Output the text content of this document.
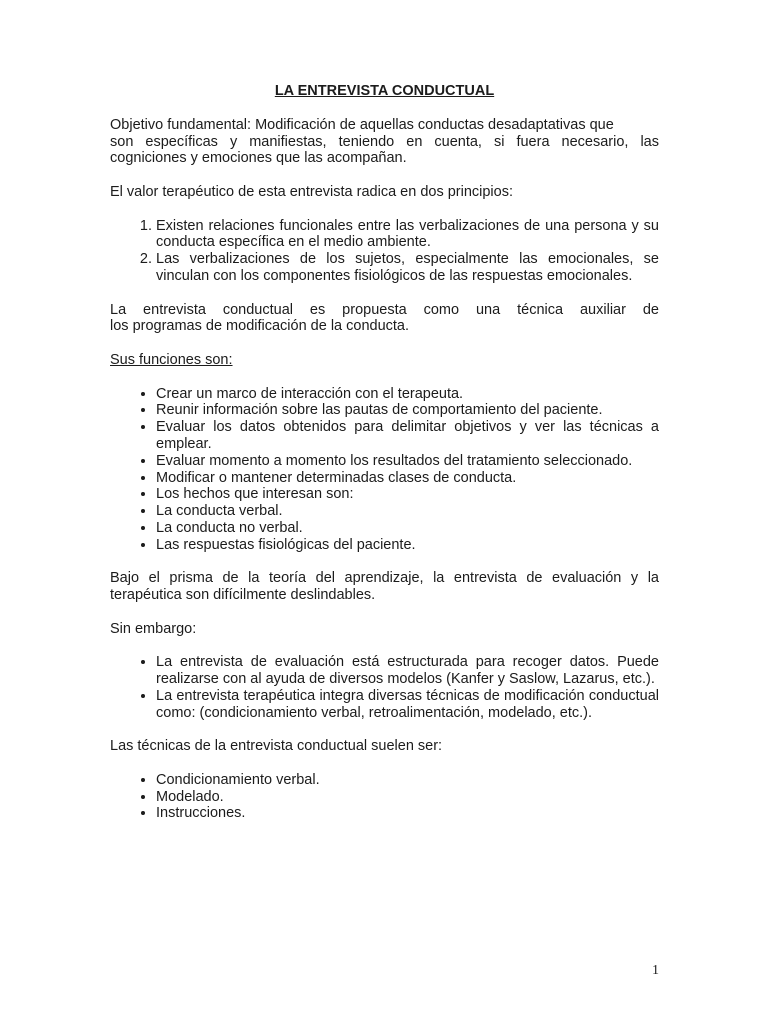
LA ENTREVISTA CONDUCTUAL

Objetivo fundamental: Modificación de aquellas conductas desadaptativas que
son específicas y manifiestas, teniendo en cuenta, si fuera necesario, las
cogniciones y emociones que las acompañan.

El valor terapéutico de esta entrevista radica en dos principios:

1. Existen relaciones funcionales entre las verbalizaciones de una persona y su conducta específica en el medio ambiente.
2. Las verbalizaciones de los sujetos, especialmente las emocionales, se vinculan con los componentes fisiológicos de las respuestas emocionales.

La entrevista conductual es propuesta como una técnica auxiliar de
los programas de modificación de la conducta.

Sus funciones son:

• Crear un marco de interacción con el terapeuta.
• Reunir información sobre las pautas de comportamiento del paciente.
• Evaluar los datos obtenidos para delimitar objetivos y ver las técnicas a emplear.
• Evaluar momento a momento los resultados del tratamiento seleccionado.
• Modificar o mantener determinadas clases de conducta.
• Los hechos que interesan son:
• La conducta verbal.
• La conducta no verbal.
• Las respuestas fisiológicas del paciente.

Bajo el prisma de la teoría del aprendizaje, la entrevista de evaluación y la
terapéutica son difícilmente deslindables.

Sin embargo:

• La entrevista de evaluación está estructurada para recoger datos. Puede realizarse con al ayuda de diversos modelos (Kanfer y Saslow, Lazarus, etc.).
• La entrevista terapéutica integra diversas técnicas de modificación conductual como: (condicionamiento verbal, retroalimentación, modelado, etc.).

Las técnicas de la entrevista conductual suelen ser:

• Condicionamiento verbal.
• Modelado.
• Instrucciones.
1
